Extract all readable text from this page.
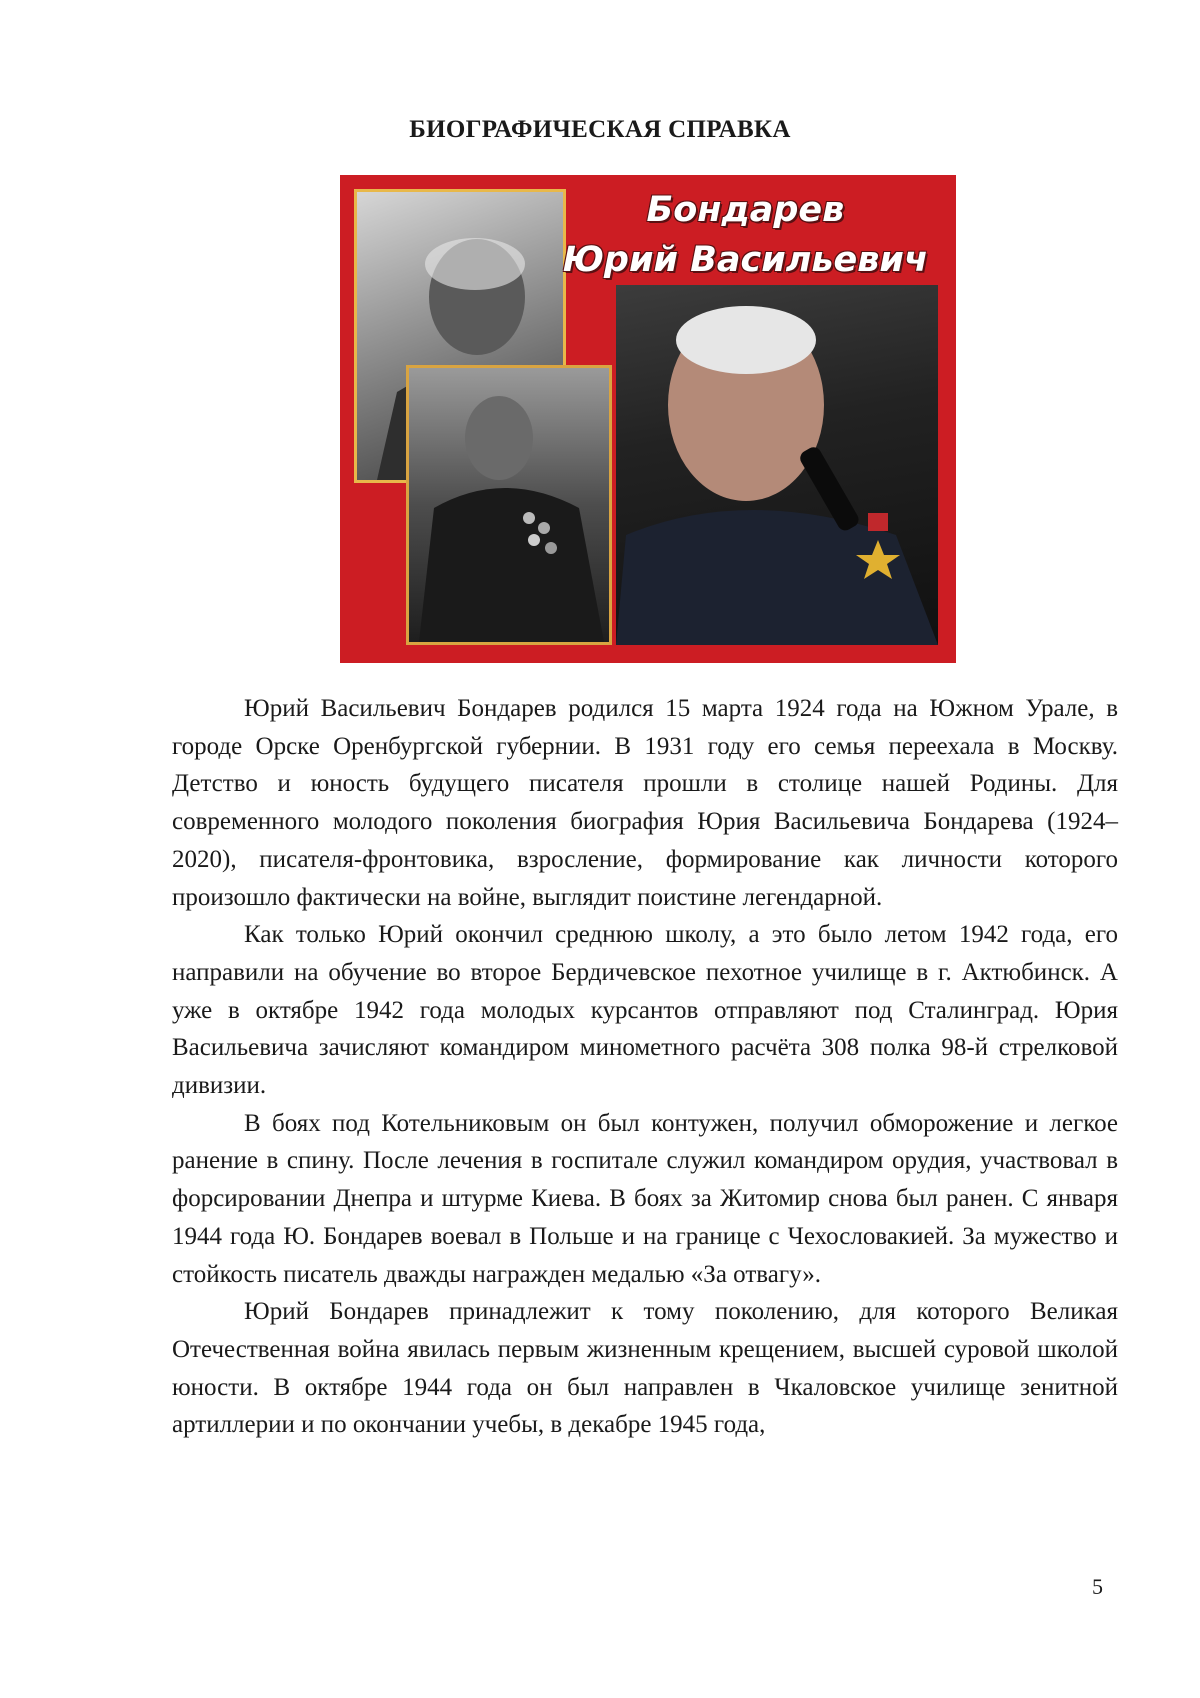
БИОГРАФИЧЕСКАЯ СПРАВКА
Бондарев
Юрий Васильевич

Юрий Васильевич Бондарев родился 15 марта 1924 года на Южном Урале, в городе Орске Оренбургской губернии. В 1931 году его семья переехала в Москву. Детство и юность будущего писателя прошли в столице нашей Родины. Для современного молодого поколения биография Юрия Васильевича Бондарева (1924–2020), писателя-фронтовика, взросление, формирование как личности которого произошло фактически на войне, выглядит поистине легендарной.

Как только Юрий окончил среднюю школу, а это было летом 1942 года, его направили на обучение во второе Бердичевское пехотное училище в г. Актюбинск. А уже в октябре 1942 года молодых курсантов отправляют под Сталинград. Юрия Васильевича зачисляют командиром минометного расчёта 308 полка 98-й стрелковой дивизии.

В боях под Котельниковым он был контужен, получил обморожение и легкое ранение в спину. После лечения в госпитале служил командиром орудия, участвовал в форсировании Днепра и штурме Киева. В боях за Житомир снова был ранен. С января 1944 года Ю. Бондарев воевал в Польше и на границе с Чехословакией. За мужество и стойкость писатель дважды награжден медалью «За отвагу».

Юрий Бондарев принадлежит к тому поколению, для которого Великая Отечественная война явилась первым жизненным крещением, высшей суровой школой юности. В октябре 1944 года он был направлен в Чкаловское училище зенитной артиллерии и по окончании учебы, в декабре 1945 года,

5
